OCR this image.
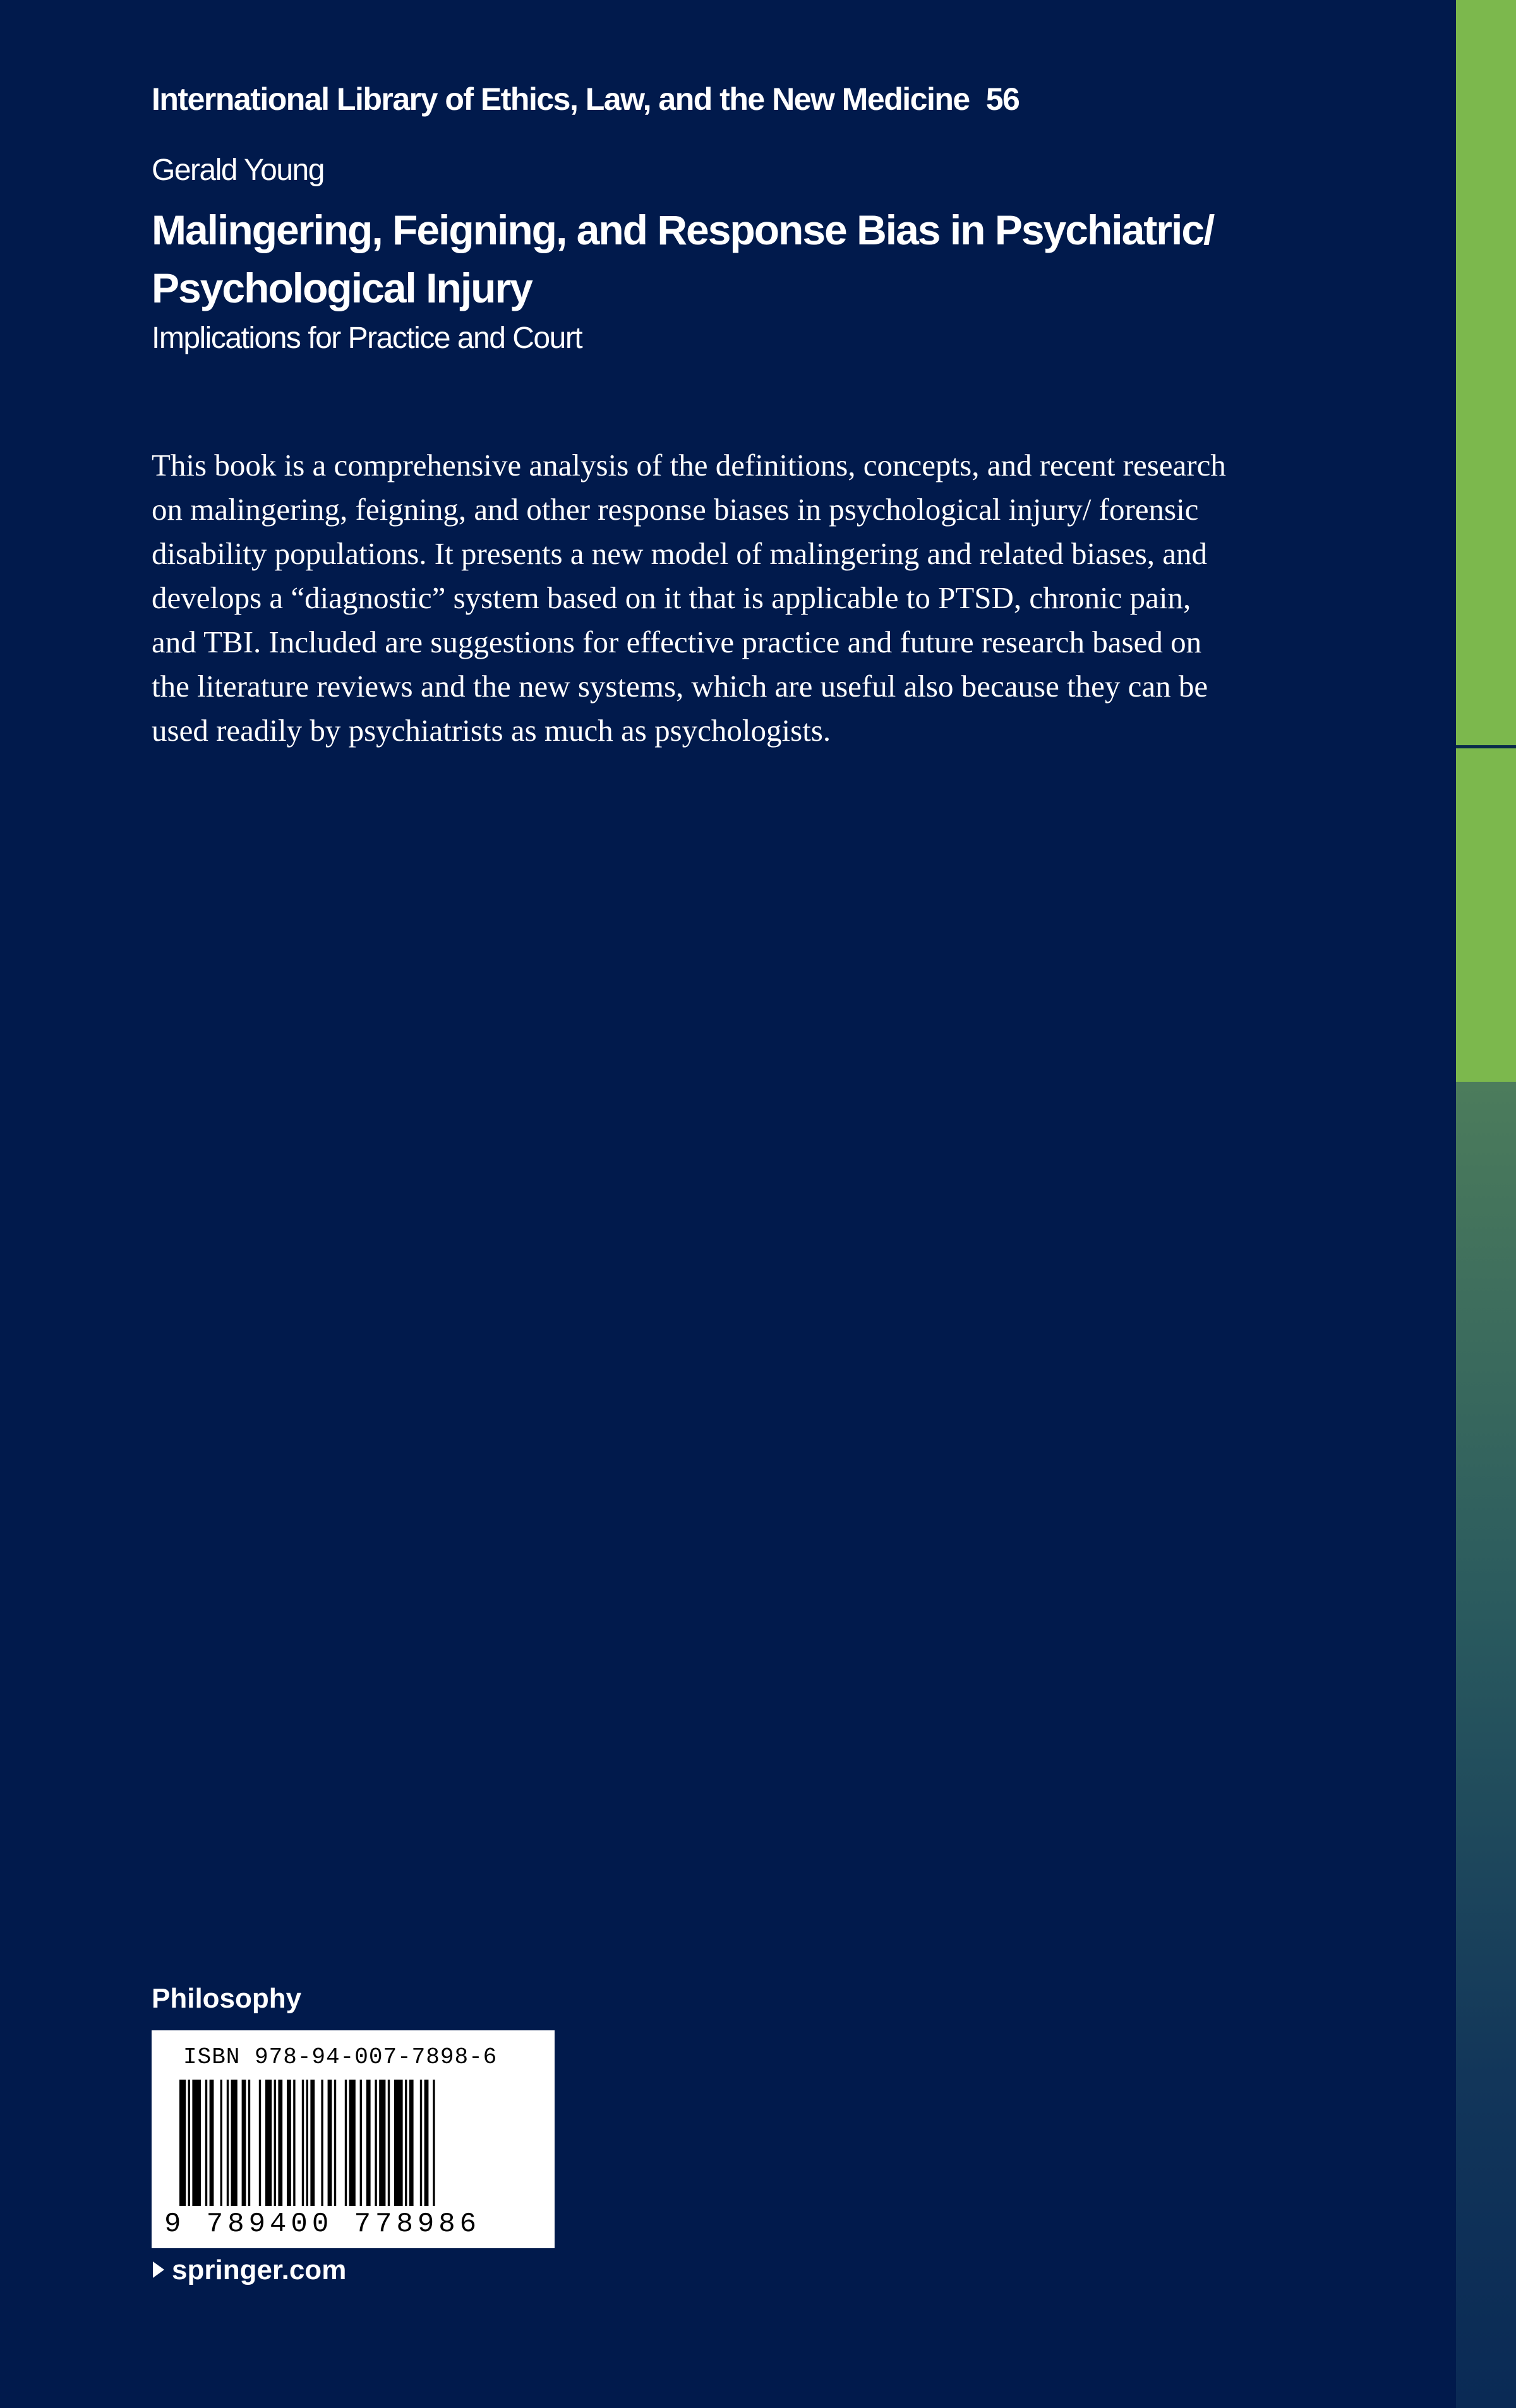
International Library of Ethics, Law, and the New Medicine 56

Gerald Young

Malingering, Feigning, and Response Bias in Psychiatric/
Psychological Injury

Implications for Practice and Court

This book is a comprehensive analysis of the definitions, concepts, and recent research
on malingering, feigning, and other response biases in psychological injury/ forensic
disability populations. It presents a new model of malingering and related biases, and
develops a “diagnostic” system based on it that is applicable to PTSD, chronic pain,
and TBI. Included are suggestions for effective practice and future research based on
the literature reviews and the new systems, which are useful also because they can be
used readily by psychiatrists as much as psychologists.

Philosophy

ISBN 978-94-007-7898-6

9 789400 778986

springer.com
